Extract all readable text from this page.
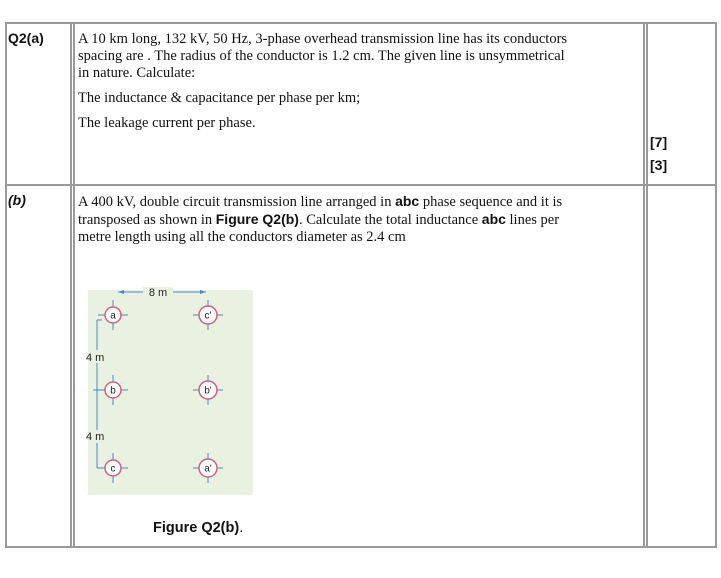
Q2(a) A 10 km long, 132 kV, 50 Hz, 3-phase overhead transmission line has its conductors

spacing are . The radius of the conductor is 1.2 cm. The given line is unsymmetrical

in nature. Calculate:

The inductance & capacitance per phase per km;

The leakage current per phase.

[7]
[3]
(b)	A 400 kV, double circuit transmission line arranged in abc phase sequence and it is

transposed as shown in Figure Q2(b). Calculate the total inductance abc lines per

metre length using all the conductors diameter as 2.4 cm

8 m
4 m
4 m
a
b
c
c'
b'
a'
Figure Q2(b).
